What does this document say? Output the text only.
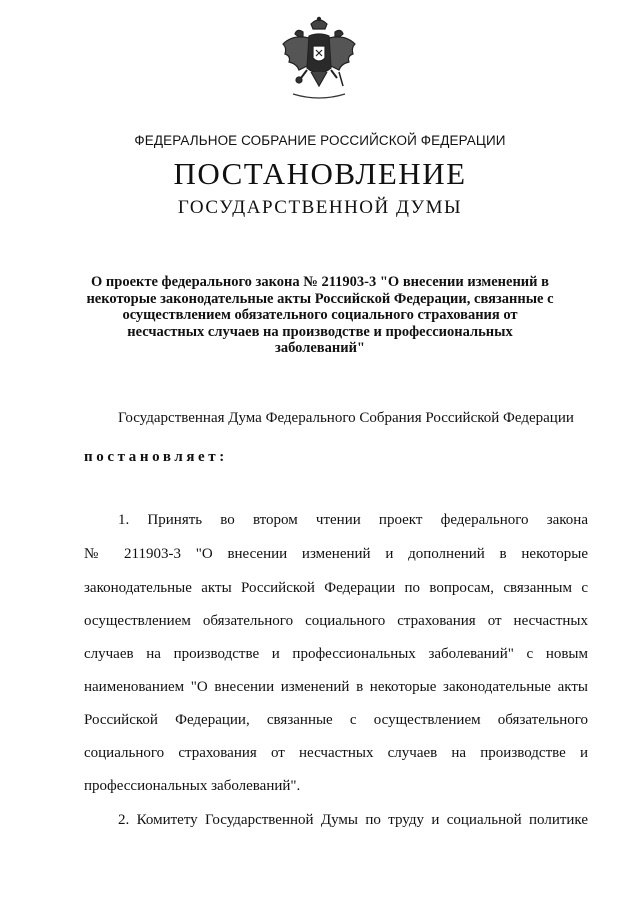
ФЕДЕРАЛЬНОЕ СОБРАНИЕ РОССИЙСКОЙ ФЕДЕРАЦИИ
ПОСТАНОВЛЕНИЕ
ГОСУДАРСТВЕННОЙ ДУМЫ
О проекте федерального закона № 211903-3 "О внесении изменений в
некоторые законодательные акты Российской Федерации, связанные с
осуществлением обязательного социального страхования от
несчастных случаев на производстве и профессиональных
заболеваний"
Государственная Дума Федерального Собрания Российской Федерации
постановляет:
1. Принять во втором чтении проект федерального закона
№ 211903-3 "О внесении изменений и дополнений в некоторые
законодательные акты Российской Федерации по вопросам, связанным с
осуществлением обязательного социального страхования от несчастных
случаев на производстве и профессиональных заболеваний" с новым
наименованием "О внесении изменений в некоторые законодательные акты
Российской Федерации, связанные с осуществлением обязательного
социального страхования от несчастных случаев на производстве и
профессиональных заболеваний".
2. Комитету Государственной Думы по труду и социальной политике
